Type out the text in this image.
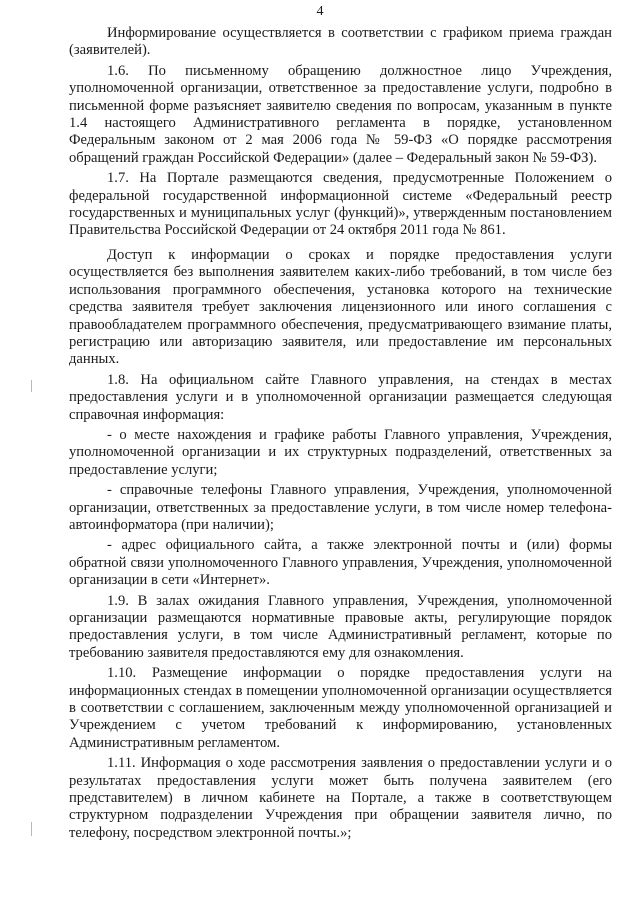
4

Информирование осуществляется в соответствии с графиком приема граждан (заявителей).

1.6. По письменному обращению должностное лицо Учреждения, уполномоченной организации, ответственное за предоставление услуги, подробно в письменной форме разъясняет заявителю сведения по вопросам, указанным в пункте 1.4 настоящего Административного регламента в порядке, установленном Федеральным законом от 2 мая 2006 года № 59-ФЗ «О порядке рассмотрения обращений граждан Российской Федерации» (далее – Федеральный закон № 59-ФЗ).

1.7. На Портале размещаются сведения, предусмотренные Положением о федеральной государственной информационной системе «Федеральный реестр государственных и муниципальных услуг (функций)», утвержденным постановлением Правительства Российской Федерации от 24 октября 2011 года № 861.

Доступ к информации о сроках и порядке предоставления услуги осуществляется без выполнения заявителем каких-либо требований, в том числе без использования программного обеспечения, установка которого на технические средства заявителя требует заключения лицензионного или иного соглашения с правообладателем программного обеспечения, предусматривающего взимание платы, регистрацию или авторизацию заявителя, или предоставление им персональных данных.

1.8. На официальном сайте Главного управления, на стендах в местах предоставления услуги и в уполномоченной организации размещается следующая справочная информация:

- о месте нахождения и графике работы Главного управления, Учреждения, уполномоченной организации и их структурных подразделений, ответственных за предоставление услуги;

- справочные телефоны Главного управления, Учреждения, уполномоченной организации, ответственных за предоставление услуги, в том числе номер телефона-автоинформатора (при наличии);

- адрес официального сайта, а также электронной почты и (или) формы обратной связи уполномоченного Главного управления, Учреждения, уполномоченной организации в сети «Интернет».

1.9. В залах ожидания Главного управления, Учреждения, уполномоченной организации размещаются нормативные правовые акты, регулирующие порядок предоставления услуги, в том числе Административный регламент, которые по требованию заявителя предоставляются ему для ознакомления.

1.10. Размещение информации о порядке предоставления услуги на информационных стендах в помещении уполномоченной организации осуществляется в соответствии с соглашением, заключенным между уполномоченной организацией и Учреждением с учетом требований к информированию, установленных Административным регламентом.

1.11. Информация о ходе рассмотрения заявления о предоставлении услуги и о результатах предоставления услуги может быть получена заявителем (его представителем) в личном кабинете на Портале, а также в соответствующем структурном подразделении Учреждения при обращении заявителя лично, по телефону, посредством электронной почты.»;
